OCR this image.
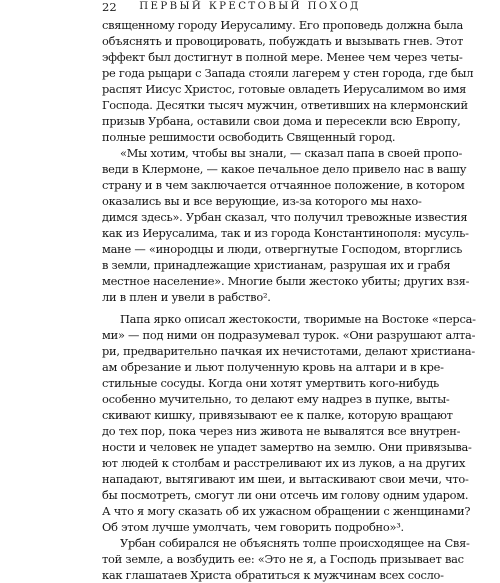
22	ПЕРВЫЙ КРЕСТОВЫЙ ПОХОД
священному городу Иерусалиму. Его проповедь должна была
объяснять и провоцировать, побуждать и вызывать гнев. Этот
эффект был достигнут в полной мере. Менее чем через четы-
ре года рыцари с Запада стояли лагерем у стен города, где был
распят Иисус Христос, готовые овладеть Иерусалимом во имя
Господа. Десятки тысяч мужчин, ответивших на клермонский
призыв Урбана, оставили свои дома и пересекли всю Европу,
полные решимости освободить Священный город.
«Мы хотим, чтобы вы знали, — сказал папа в своей пропо-
веди в Клермоне, — какое печальное дело привело нас в вашу
страну и в чем заключается отчаянное положение, в котором
оказались вы и все верующие, из-за которого мы нахо-
димся здесь». Урбан сказал, что получил тревожные известия
как из Иерусалима, так и из города Константинополя: мусуль-
мане — «инородцы и люди, отвергнутые Господом, вторглись
в земли, принадлежащие христианам, разрушая их и грабя
местное население». Многие были жестоко убиты; других взя-
ли в плен и увели в рабство².
Папа ярко описал жестокости, творимые на Востоке «перса-
ми» — под ними он подразумевал турок. «Они разрушают алта-
ри, предварительно пачкая их нечистотами, делают христиана-
ам обрезание и льют полученную кровь на алтари и в кре-
стильные сосуды. Когда они хотят умертвить кого-нибудь
особенно мучительно, то делают ему надрез в пупке, выты-
скивают кишку, привязывают ее к палке, которую вращают
до тех пор, пока через низ живота не вывалятся все внутрен-
ности и человек не упадет замертво на землю. Они привязыва-
ют людей к столбам и расстреливают их из луков, а на других
нападают, вытягивают им шеи, и вытаскивают свои мечи, что-
бы посмотреть, смогут ли они отсечь им голову одним ударом.
А что я могу сказать об их ужасном обращении с женщинами?
Об этом лучше умолчать, чем говорить подробно»³.
Урбан собирался не объяснять толпе происходящее на Свя-
той земле, а возбудить ее: «Это не я, а Господь призывает вас
как глашатаев Христа обратиться к мужчинам всех сосло-
